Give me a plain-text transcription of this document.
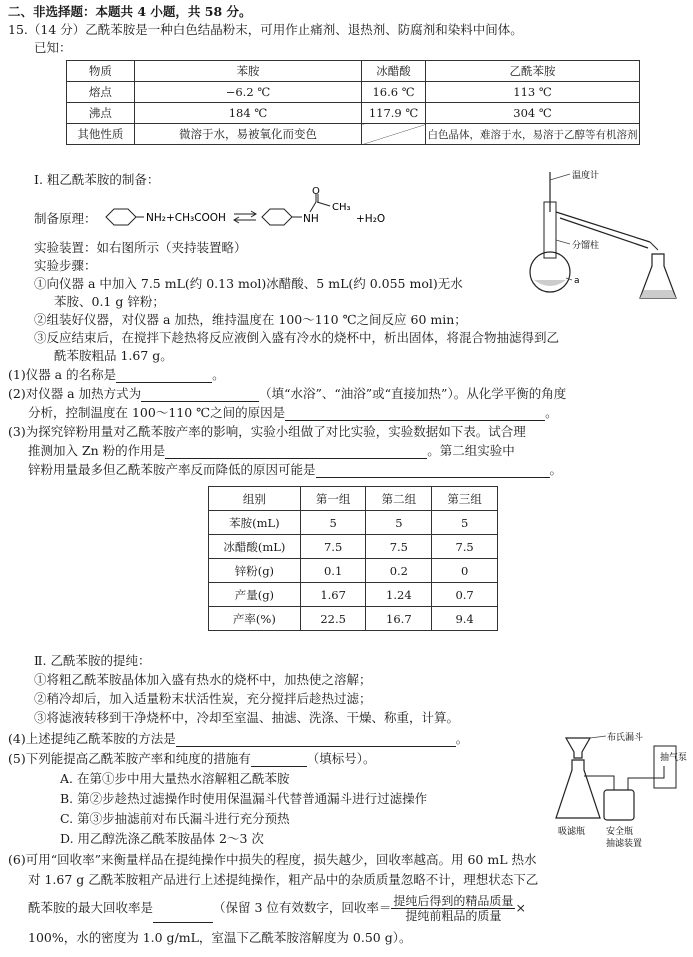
二、非选择题：本题共 4 小题，共 58 分。
15.（14 分）乙酰苯胺是一种白色结晶粉末，可用作止痛剂、退热剂、防腐剂和染料中间体。
已知：
物质	苯胺	冰醋酸	乙酰苯胺
熔点	−6.2 ℃	16.6 ℃	113 ℃
沸点	184 ℃	117.9 ℃	304 ℃
其他性质	微溶于水，易被氧化而变色		白色晶体，难溶于水，易溶于乙醇等有机溶剂
Ⅰ. 粗乙酰苯胺的制备：
制备原理：	NH₂+CH₃COOH	NH
O
CH₃
+H₂O
实验装置：如右图所示（夹持装置略）
实验步骤：
①向仪器 a 中加入 7.5 mL(约 0.13 mol)冰醋酸、5 mL(约 0.055 mol)无水
苯胺、0.1 g 锌粉；
②组装好仪器，对仪器 a 加热，维持温度在 100～110 ℃之间反应 60 min；
③反应结束后，在搅拌下趁热将反应液倒入盛有冷水的烧杯中，析出固体，将混合物抽滤得到乙
酰苯胺粗品 1.67 g。
温度计
分馏柱
a
(1)仪器 a 的名称是	。
(2)对仪器 a 加热方式为	（填“水浴”、“油浴”或“直接加热”）。从化学平衡的角度
分析，控制温度在 100～110 ℃之间的原因是	。
(3)为探究锌粉用量对乙酰苯胺产率的影响，实验小组做了对比实验，实验数据如下表。试合理
推测加入 Zn 粉的作用是	。第二组实验中
锌粉用量最多但乙酰苯胺产率反而降低的原因可能是	。
组别	第一组	第二组	第三组
苯胺(mL)	5	5	5
冰醋酸(mL)	7.5	7.5	7.5
锌粉(g)	0.1	0.2	0
产量(g)	1.67	1.24	0.7
产率(%)	22.5	16.7	9.4
Ⅱ. 乙酰苯胺的提纯：
①将粗乙酰苯胺晶体加入盛有热水的烧杯中，加热使之溶解；
②稍冷却后，加入适量粉末状活性炭，充分搅拌后趁热过滤；
③将滤液转移到干净烧杯中，冷却至室温、抽滤、洗涤、干燥、称重，计算。
(4)上述提纯乙酰苯胺的方法是	。
(5)下列能提高乙酰苯胺产率和纯度的措施有	（填标号）。
A. 在第①步中用大量热水溶解粗乙酰苯胺
B. 第②步趁热过滤操作时使用保温漏斗代替普通漏斗进行过滤操作
C. 第③步抽滤前对布氏漏斗进行充分预热
D. 用乙醇洗涤乙酰苯胺晶体 2～3 次
布氏漏斗
抽气泵
吸滤瓶 安全瓶
抽滤装置
(6)可用“回收率”来衡量样品在提纯操作中损失的程度，损失越少，回收率越高。用 60 mL 热水
对 1.67 g 乙酰苯胺粗产品进行上述提纯操作，粗产品中的杂质质量忽略不计，理想状态下乙
酰苯胺的最大回收率是	（保留 3 位有效数字，回收率＝ $\frac{\text{提纯后得到的精品质量}}{\text{提纯前粗品的质量}}$ ×
100%，水的密度为 1.0 g/mL，室温下乙酰苯胺溶解度为 0.50 g）。
